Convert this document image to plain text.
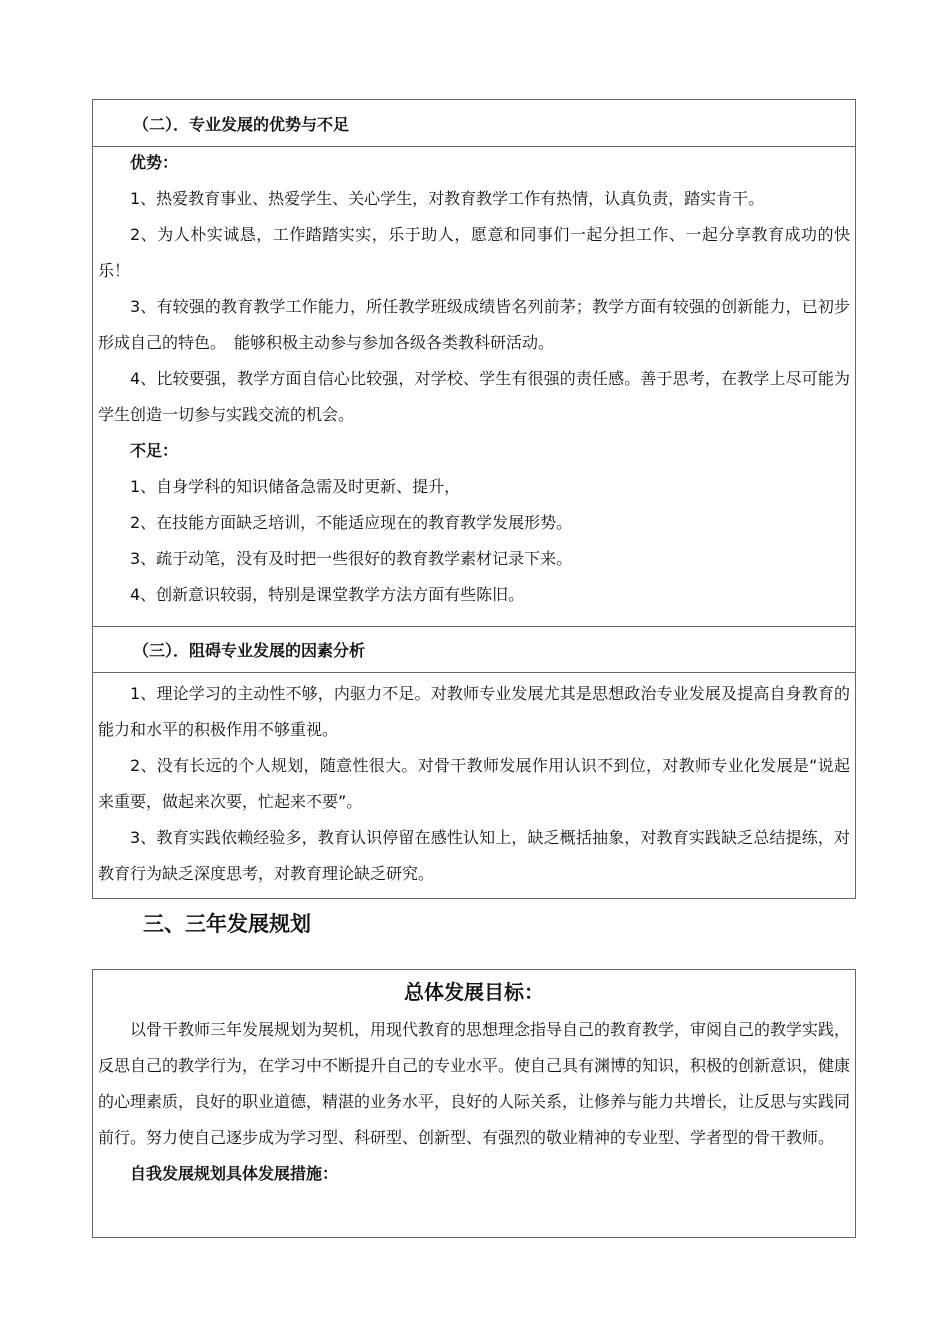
（二）．专业发展的优势与不足

优势：

1、热爱教育事业、热爱学生、关心学生，对教育教学工作有热情，认真负责，踏实肯干。

2、为人朴实诚恳，工作踏踏实实，乐于助人，愿意和同事们一起分担工作、一起分享教育成功的快乐！

3、有较强的教育教学工作能力，所任教学班级成绩皆名列前茅；教学方面有较强的创新能力，已初步形成自己的特色。　能够积极主动参与参加各级各类教科研活动。

4、比较要强，教学方面自信心比较强，对学校、学生有很强的责任感。善于思考，在教学上尽可能为学生创造一切参与实践交流的机会。

不足：

1、自身学科的知识储备急需及时更新、提升，

2、在技能方面缺乏培训，不能适应现在的教育教学发展形势。

3、疏于动笔，没有及时把一些很好的教育教学素材记录下来。

4、创新意识较弱，特别是课堂教学方法方面有些陈旧。

（三）．阻碍专业发展的因素分析

1、理论学习的主动性不够，内驱力不足。对教师专业发展尤其是思想政治专业发展及提高自身教育的能力和水平的积极作用不够重视。

2、没有长远的个人规划，随意性很大。对骨干教师发展作用认识不到位，对教师专业化发展是“说起来重要，做起来次要，忙起来不要”。

3、教育实践依赖经验多，教育认识停留在感性认知上，缺乏概括抽象，对教育实践缺乏总结提练，对教育行为缺乏深度思考，对教育理论缺乏研究。

三、三年发展规划

总体发展目标：

以骨干教师三年发展规划为契机，用现代教育的思想理念指导自己的教育教学，审阅自己的教学实践，反思自己的教学行为，在学习中不断提升自己的专业水平。使自己具有渊博的知识，积极的创新意识，健康的心理素质，良好的职业道德，精湛的业务水平，良好的人际关系，让修养与能力共增长，让反思与实践同前行。努力使自己逐步成为学习型、科研型、创新型、有强烈的敬业精神的专业型、学者型的骨干教师。

自我发展规划具体发展措施：
